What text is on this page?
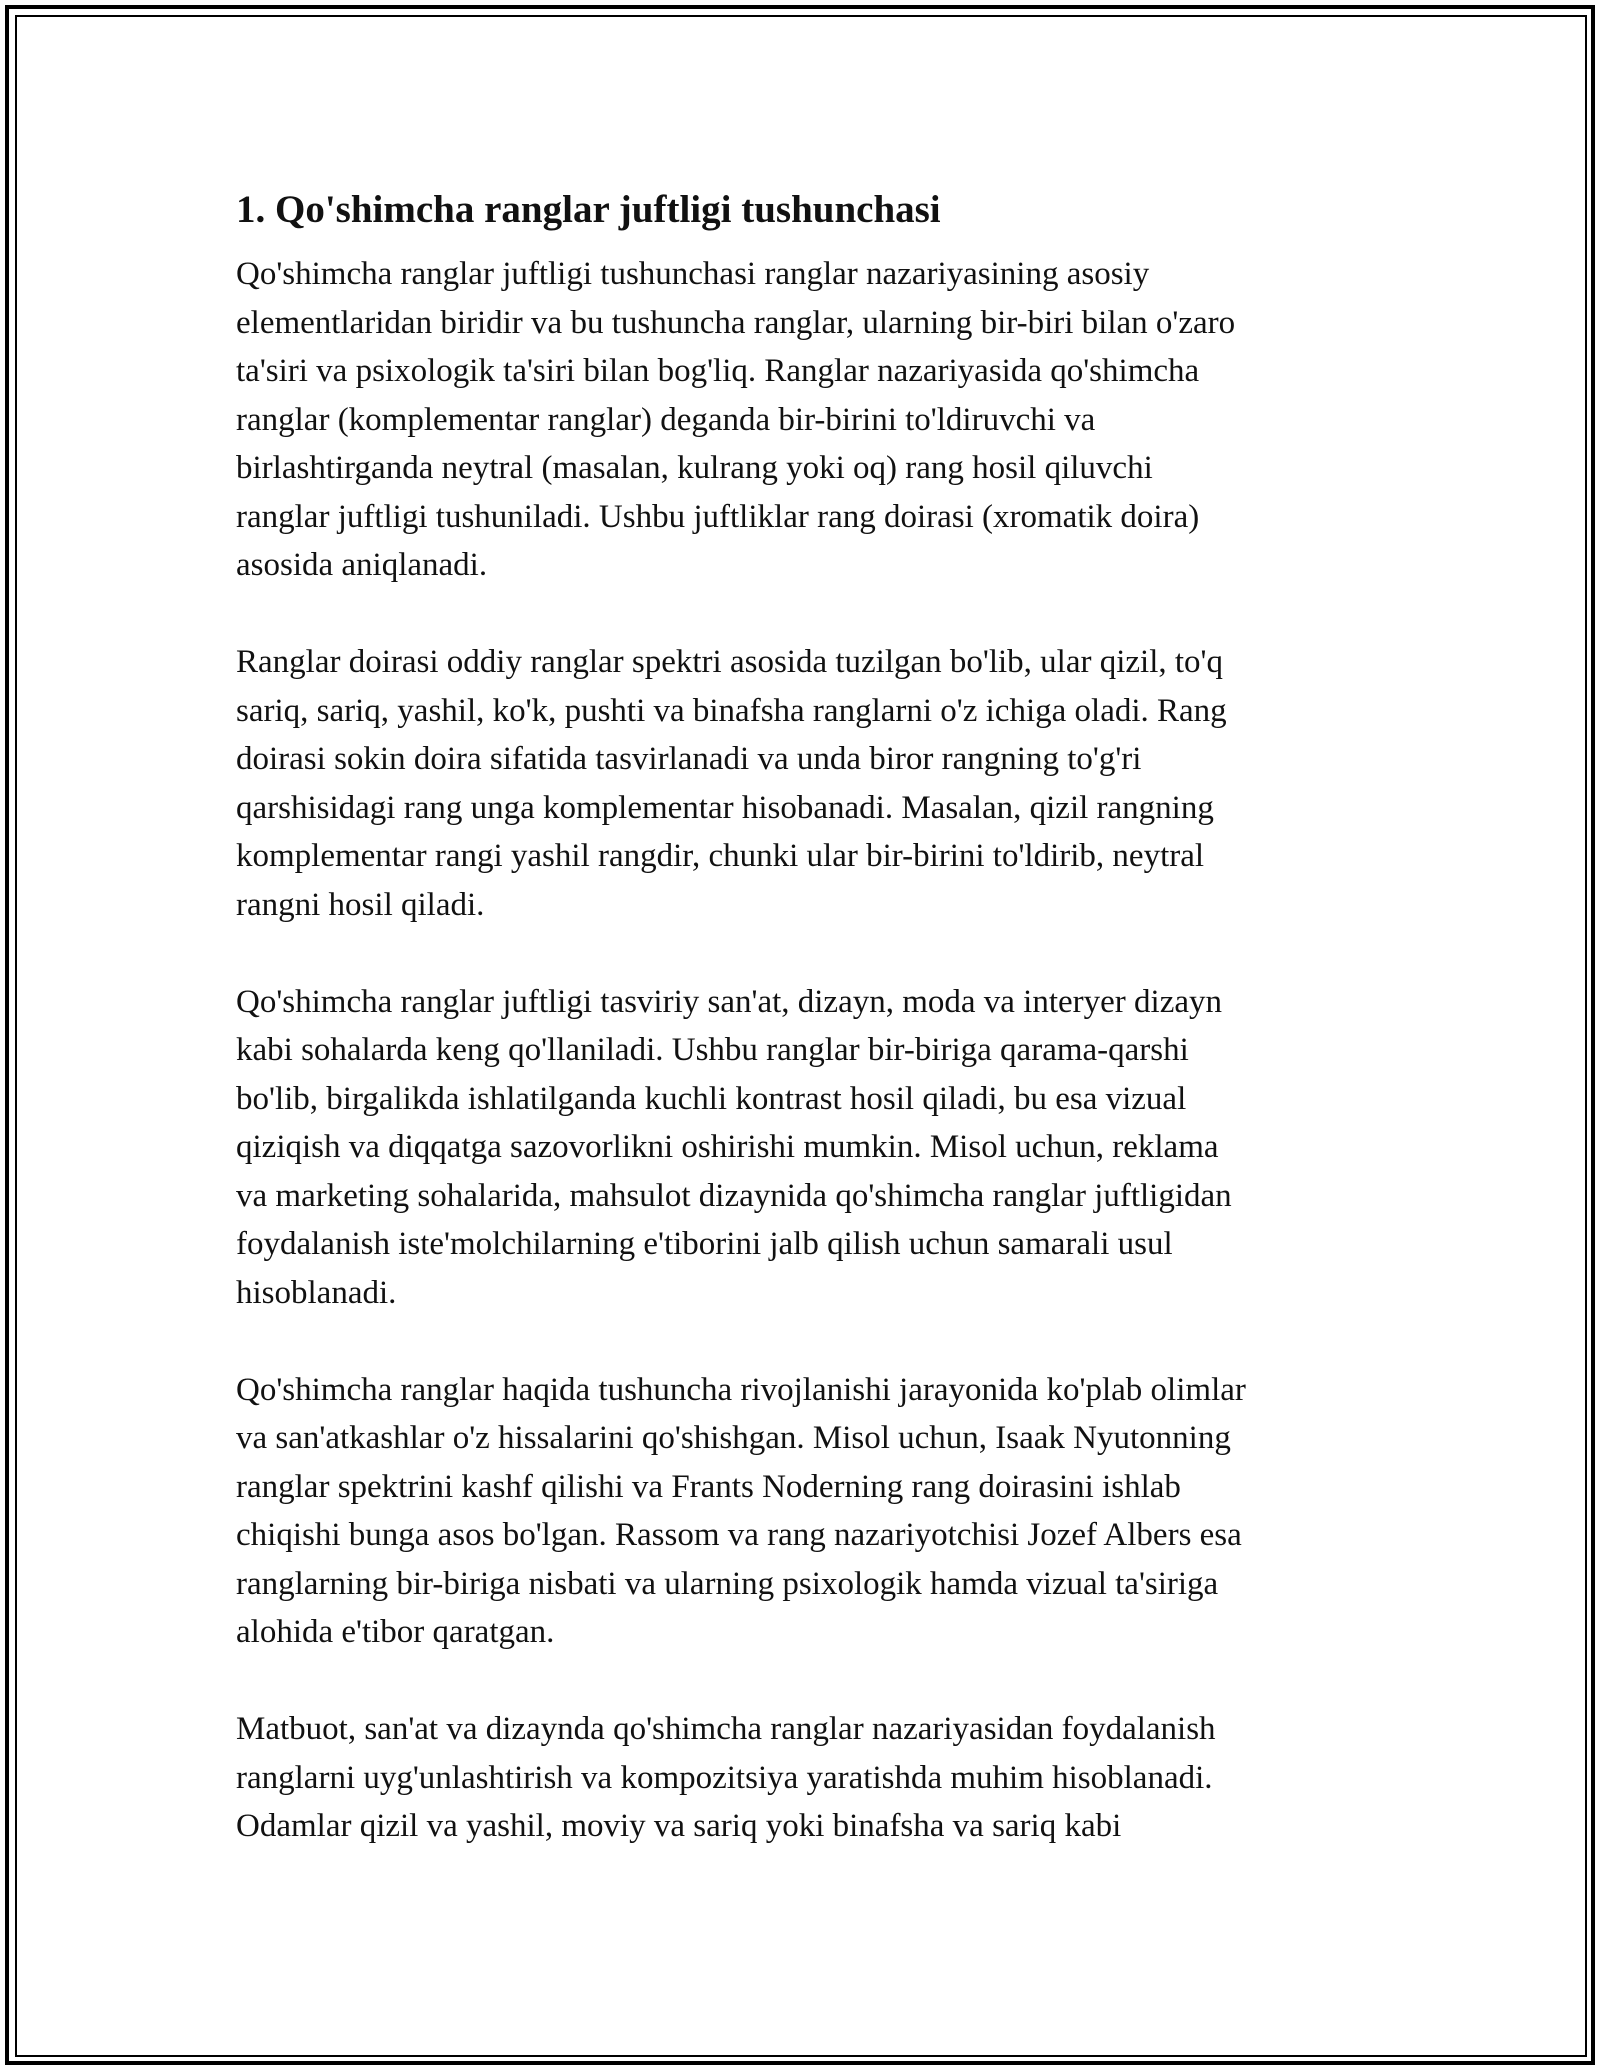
1. Qo'shimcha ranglar juftligi tushunchasi

Qo'shimcha ranglar juftligi tushunchasi ranglar nazariyasining asosiy
elementlaridan biridir va bu tushuncha ranglar, ularning bir-biri bilan o'zaro
ta'siri va psixologik ta'siri bilan bog'liq. Ranglar nazariyasida qo'shimcha
ranglar (komplementar ranglar) deganda bir-birini to'ldiruvchi va
birlashtirganda neytral (masalan, kulrang yoki oq) rang hosil qiluvchi
ranglar juftligi tushuniladi. Ushbu juftliklar rang doirasi (xromatik doira)
asosida aniqlanadi.

Ranglar doirasi oddiy ranglar spektri asosida tuzilgan bo'lib, ular qizil, to'q
sariq, sariq, yashil, ko'k, pushti va binafsha ranglarni o'z ichiga oladi. Rang
doirasi sokin doira sifatida tasvirlanadi va unda biror rangning to'g'ri
qarshisidagi rang unga komplementar hisobanadi. Masalan, qizil rangning
komplementar rangi yashil rangdir, chunki ular bir-birini to'ldirib, neytral
rangni hosil qiladi.

Qo'shimcha ranglar juftligi tasviriy san'at, dizayn, moda va interyer dizayn
kabi sohalarda keng qo'llaniladi. Ushbu ranglar bir-biriga qarama-qarshi
bo'lib, birgalikda ishlatilganda kuchli kontrast hosil qiladi, bu esa vizual
qiziqish va diqqatga sazovorlikni oshirishi mumkin. Misol uchun, reklama
va marketing sohalarida, mahsulot dizaynida qo'shimcha ranglar juftligidan
foydalanish iste'molchilarning e'tiborini jalb qilish uchun samarali usul
hisoblanadi.

Qo'shimcha ranglar haqida tushuncha rivojlanishi jarayonida ko'plab olimlar
va san'atkashlar o'z hissalarini qo'shishgan. Misol uchun, Isaak Nyutonning
ranglar spektrini kashf qilishi va Frants Noderning rang doirasini ishlab
chiqishi bunga asos bo'lgan. Rassom va rang nazariyotchisi Jozef Albers esa
ranglarning bir-biriga nisbati va ularning psixologik hamda vizual ta'siriga
alohida e'tibor qaratgan.

Matbuot, san'at va dizaynda qo'shimcha ranglar nazariyasidan foydalanish
ranglarni uyg'unlashtirish va kompozitsiya yaratishda muhim hisoblanadi.
Odamlar qizil va yashil, moviy va sariq yoki binafsha va sariq kabi
